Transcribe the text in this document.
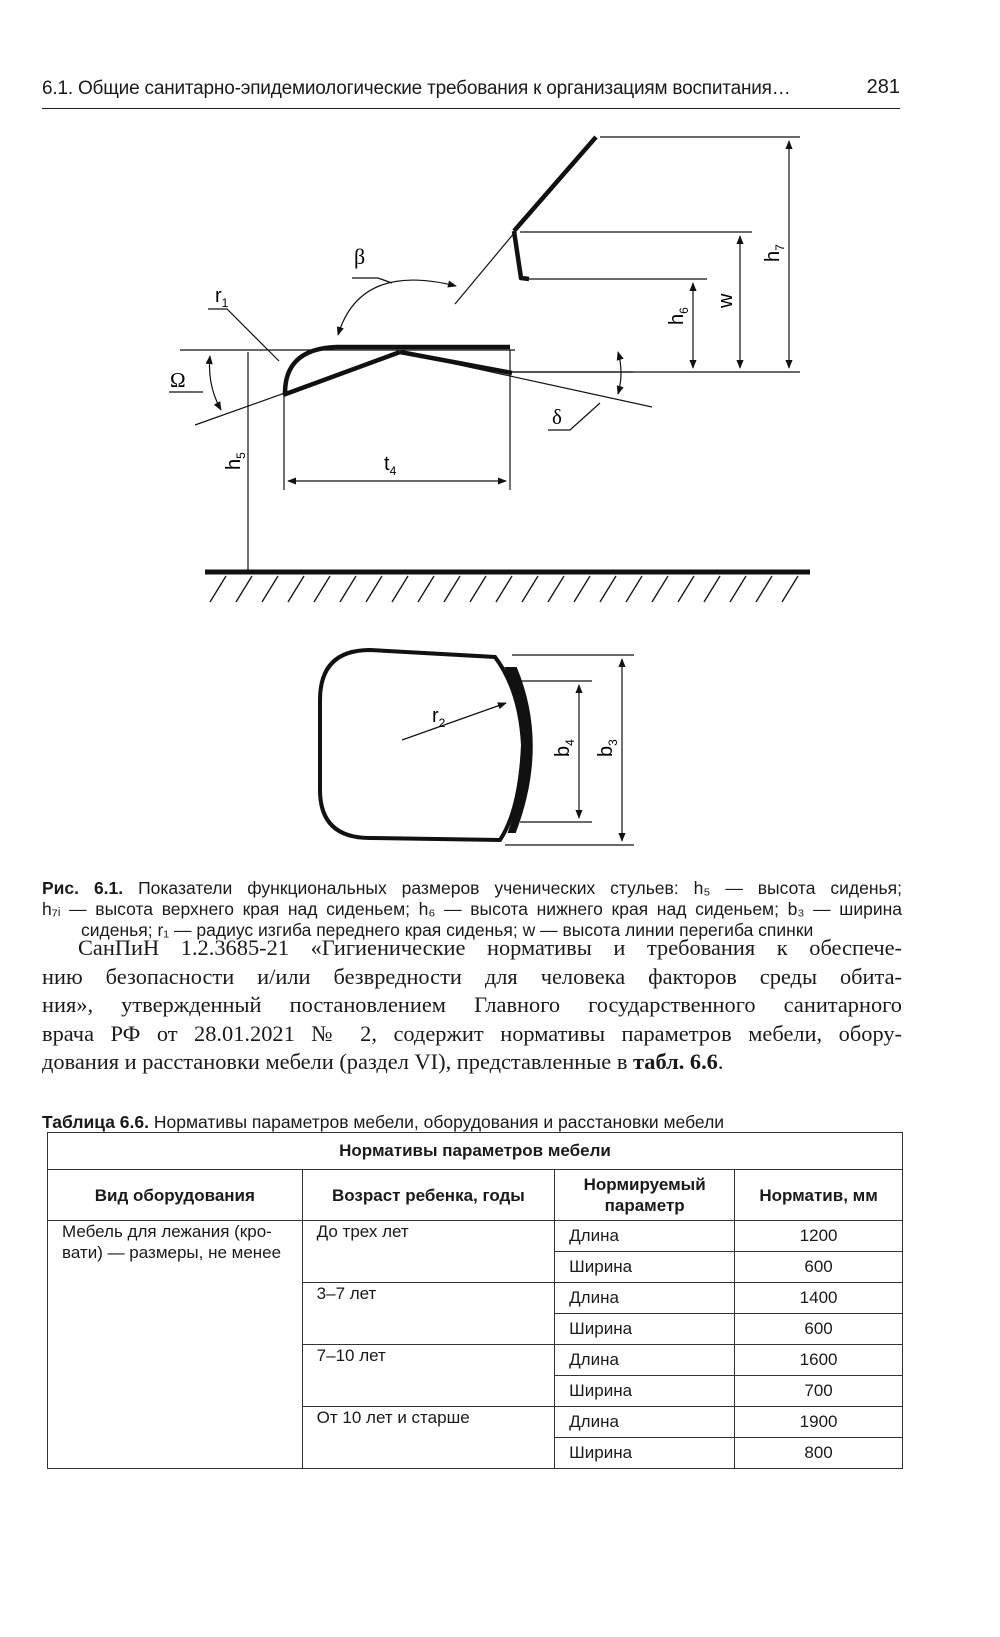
6.1. Общие санитарно-эпидемиологические требования к организациям воспитания…	281
β
$r_1$
Ω
δ
$t_4$
$h_5$
$h_6$
w
$h_7$
$r_2$
$b_4$
$b_3$
Рис. 6.1. Показатели функциональных размеров ученических стульев: h₅ — высота сиденья;
h₇ᵢ — высота верхнего края над сиденьем; h₆ — высота нижнего края над сиденьем; b₃ — ширина
сиденья; r₁ — радиус изгиба переднего края сиденья; w — высота линии перегиба спинки
СанПиН 1.2.3685-21 «Гигиенические нормативы и требования к обеспече-
нию безопасности и/или безвредности для человека факторов среды обита-
ния», утвержденный постановлением Главного государственного санитарного
врача РФ от 28.01.2021 № 2, содержит нормативы параметров мебели, обору-
дования и расстановки мебели (раздел VI), представленные в табл. 6.6.
Таблица 6.6. Нормативы параметров мебели, оборудования и расстановки мебели
Нормативы параметров мебели			
Вид оборудования	Возраст ребенка, годы	Нормируемый параметр	Норматив, мм
Мебель для лежания (кро-вати) — размеры, не менее	До трех лет	Длина	1200
		Ширина	600
	3–7 лет	Длина	1400
		Ширина	600
	7–10 лет	Длина	1600
		Ширина	700
	От 10 лет и старше	Длина	1900
		Ширина	800
